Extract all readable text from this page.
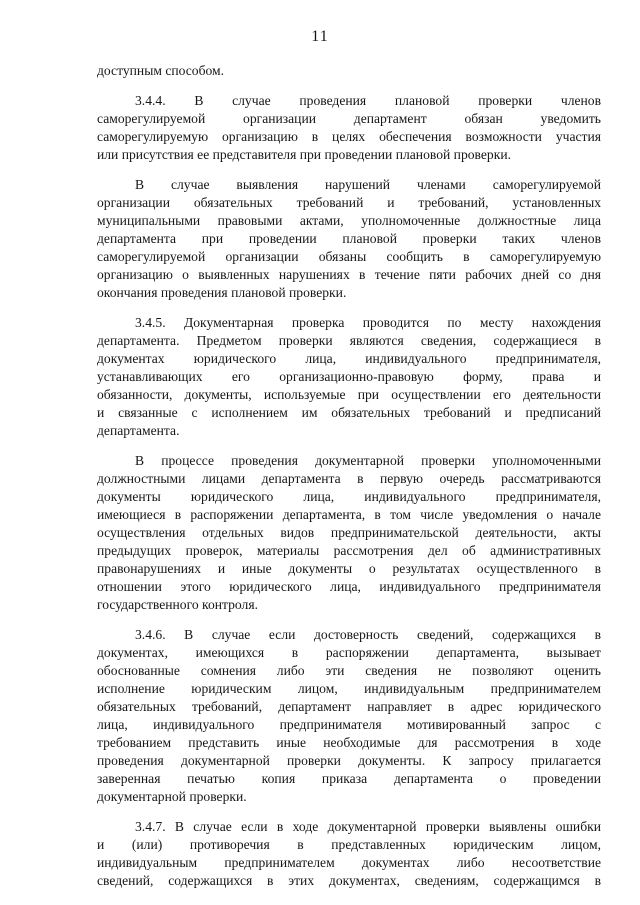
11
доступным способом.
3.4.4. В случае проведения плановой проверки членов
саморегулируемой организации департамент обязан уведомить
саморегулируемую организацию в целях обеспечения возможности участия
или присутствия ее представителя при проведении плановой проверки.
В случае выявления нарушений членами саморегулируемой
организации обязательных требований и требований, установленных
муниципальными правовыми актами, уполномоченные должностные лица
департамента при проведении плановой проверки таких членов
саморегулируемой организации обязаны сообщить в саморегулируемую
организацию о выявленных нарушениях в течение пяти рабочих дней со дня
окончания проведения плановой проверки.
3.4.5. Документарная проверка проводится по месту нахождения
департамента. Предметом проверки являются сведения, содержащиеся в
документах юридического лица, индивидуального предпринимателя,
устанавливающих его организационно-правовую форму, права и
обязанности, документы, используемые при осуществлении его деятельности
и связанные с исполнением им обязательных требований и предписаний
департамента.
В процессе проведения документарной проверки уполномоченными
должностными лицами департамента в первую очередь рассматриваются
документы юридического лица, индивидуального предпринимателя,
имеющиеся в распоряжении департамента, в том числе уведомления о начале
осуществления отдельных видов предпринимательской деятельности, акты
предыдущих проверок, материалы рассмотрения дел об административных
правонарушениях и иные документы о результатах осуществленного в
отношении этого юридического лица, индивидуального предпринимателя
государственного контроля.
3.4.6. В случае если достоверность сведений, содержащихся в
документах, имеющихся в распоряжении департамента, вызывает
обоснованные сомнения либо эти сведения не позволяют оценить
исполнение юридическим лицом, индивидуальным предпринимателем
обязательных требований, департамент направляет в адрес юридического
лица, индивидуального предпринимателя мотивированный запрос с
требованием представить иные необходимые для рассмотрения в ходе
проведения документарной проверки документы. К запросу прилагается
заверенная печатью копия приказа департамента о проведении
документарной проверки.
3.4.7. В случае если в ходе документарной проверки выявлены ошибки
и (или) противоречия в представленных юридическим лицом,
индивидуальным предпринимателем документах либо несоответствие
сведений, содержащихся в этих документах, сведениям, содержащимся в
